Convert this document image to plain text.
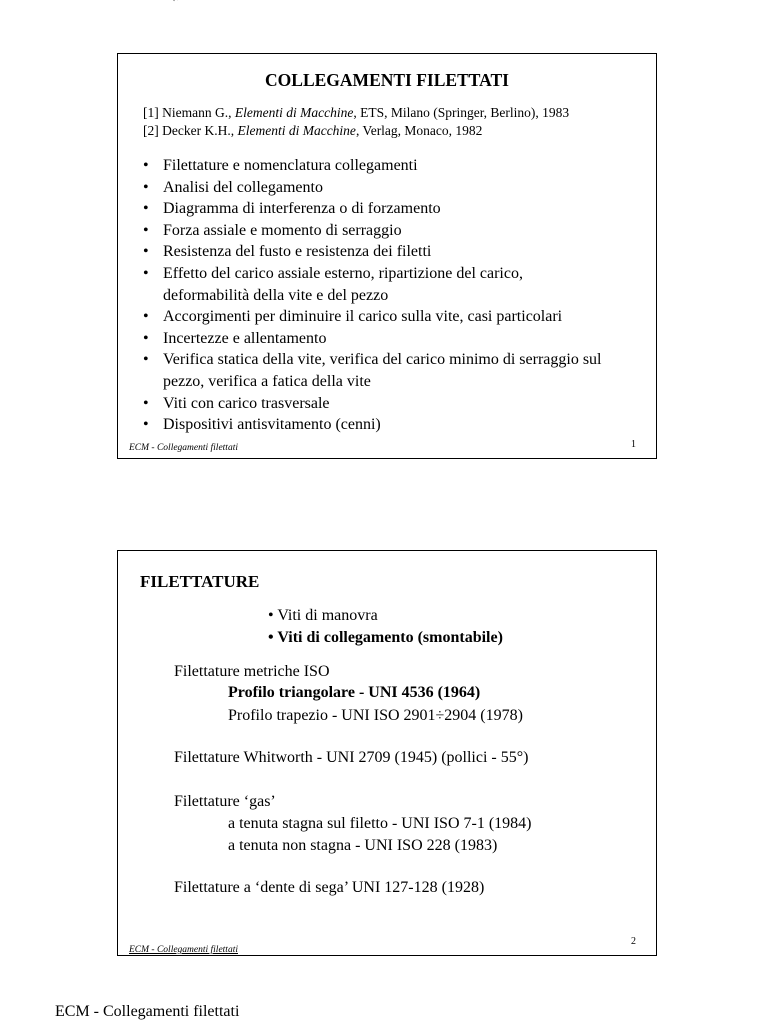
COLLEGAMENTI FILETTATI
[1] Niemann G., Elementi di Macchine, ETS, Milano (Springer, Berlino), 1983
[2] Decker K.H., Elementi di Macchine, Verlag, Monaco, 1982
• Filettature e nomenclatura collegamenti
• Analisi del collegamento
• Diagramma di interferenza o di forzamento
• Forza assiale e momento di serraggio
• Resistenza del fusto e resistenza dei filetti
• Effetto del carico assiale esterno, ripartizione del carico, deformabilità della vite e del pezzo
• Accorgimenti per diminuire il carico sulla vite, casi particolari
• Incertezze e allentamento
• Verifica statica della vite, verifica del carico minimo di serraggio sul pezzo, verifica a fatica della vite
• Viti con carico trasversale
• Dispositivi antisvitamento (cenni)
ECM - Collegamenti filettati	1
FILETTATURE
• Viti di manovra
• Viti di collegamento (smontabile)
Filettature metriche ISO
Profilo triangolare - UNI 4536 (1964)
Profilo trapezio - UNI ISO 2901÷2904 (1978)
Filettature Whitworth - UNI 2709 (1945) (pollici - 55°)
Filettature ‘gas’
a tenuta stagna sul filetto - UNI ISO 7-1 (1984)
a tenuta non stagna - UNI ISO 228 (1983)
Filettature a ‘dente di sega’ UNI 127-128 (1928)
ECM - Collegamenti filettati
2
ECM - Collegamenti filettati
